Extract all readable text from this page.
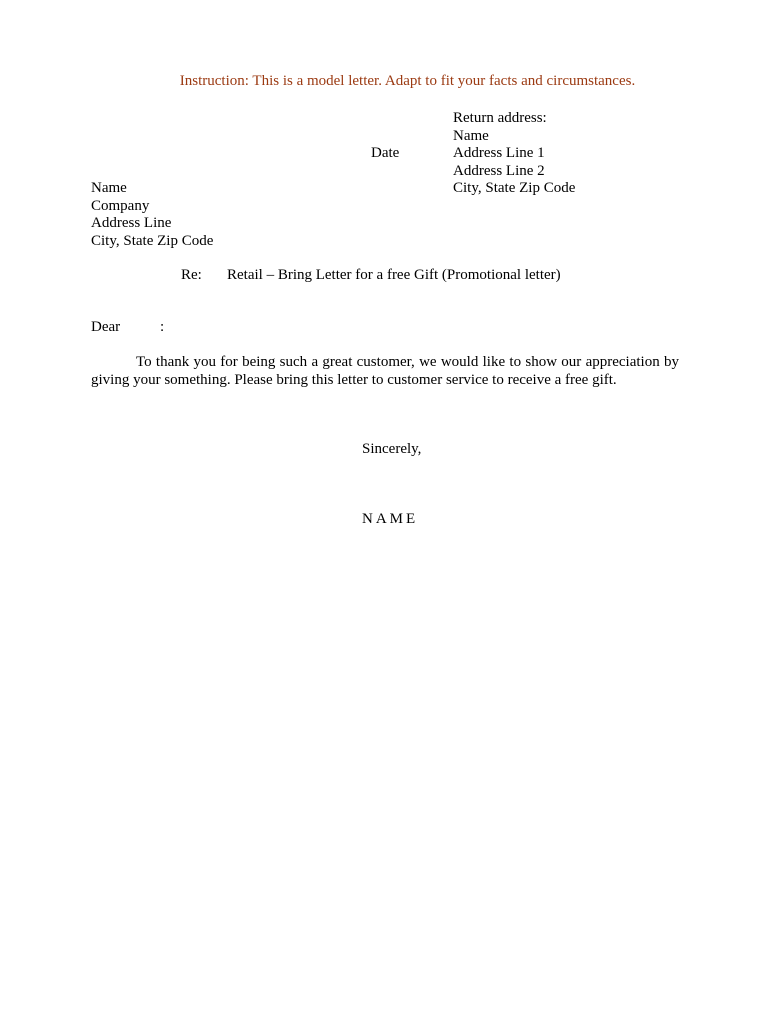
Instruction: This is a model letter. Adapt to fit your facts and circumstances.
Return address:
Name
Address Line 1
Address Line 2
City, State Zip Code
Date
Name
Company
Address Line
City, State Zip Code
Re: Retail – Bring Letter for a free Gift (Promotional letter)
Dear	:
To thank you for being such a great customer, we would like to show our appreciation by giving your something. Please bring this letter to customer service to receive a free gift.
Sincerely,
NAME
